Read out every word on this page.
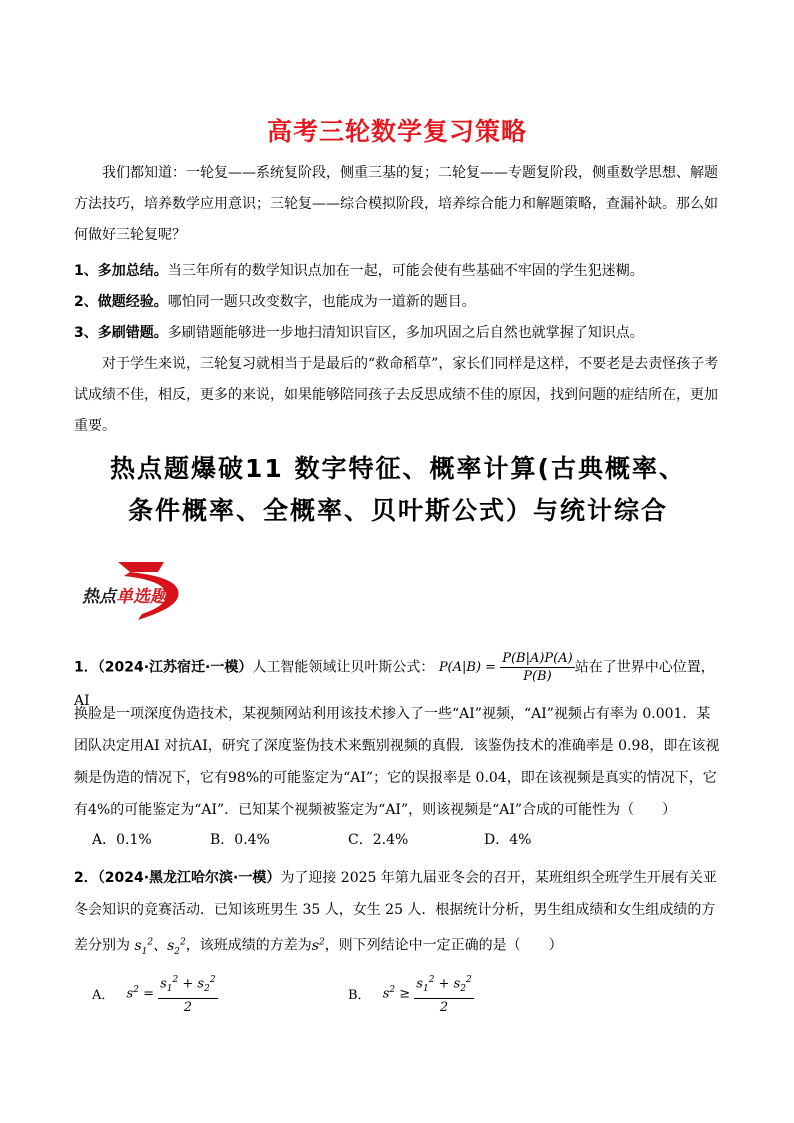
高考三轮数学复习策略

我们都知道：一轮复——系统复阶段，侧重三基的复；二轮复——专题复阶段，侧重数学思想、解题方法技巧，培养数学应用意识；三轮复——综合模拟阶段，培养综合能力和解题策略，查漏补缺。那么如何做好三轮复呢？

1、多加总结。当三年所有的数学知识点加在一起，可能会使有些基础不牢固的学生犯迷糊。

2、做题经验。哪怕同一题只改变数字，也能成为一道新的题目。

3、多刷错题。多刷错题能够进一步地扫清知识盲区，多加巩固之后自然也就掌握了知识点。

对于学生来说，三轮复习就相当于是最后的“救命稻草”，家长们同样是这样，不要老是去责怪孩子考试成绩不佳，相反，更多的来说，如果能够陪同孩子去反思成绩不佳的原因，找到问题的症结所在，更加重要。

热点题爆破11 数字特征、概率计算(古典概率、
条件概率、全概率、贝叶斯公式）与统计综合
热点单选题

1．（2024·江苏宿迁·一模）人工智能领域让贝叶斯公式： $P(A|B) = \frac{P(B|A)P(A)}{P(B)}$ 站在了世界中心位置，AI

换脸是一项深度伪造技术，某视频网站利用该技术掺入了一些“AI”视频，“AI”视频占有率为 0.001．某团队决定用AI 对抗AI，研究了深度鉴伪技术来甄别视频的真假．该鉴伪技术的准确率是 0.98，即在该视频是伪造的情况下，它有98%的可能鉴定为“AI”；它的误报率是 0.04，即在该视频是真实的情况下，它有4%的可能鉴定为“AI”．已知某个视频被鉴定为“AI”，则该视频是“AI”合成的可能性为（　　）

A．0.1%	B．0.4%	C．2.4%	D．4%

2．（2024·黑龙江哈尔滨·一模）为了迎接 2025 年第九届亚冬会的召开，某班组织全班学生开展有关亚冬会知识的竞赛活动．已知该班男生 35 人，女生 25 人．根据统计分析，男生组成绩和女生组成绩的方差分别为 $s_1^2$、$s_2^2$，该班成绩的方差为$s^2$，则下列结论中一定正确的是（　　）

A． $s^2 = \frac{s_1^2 + s_2^2}{2}$	B． $s^2 \ge \frac{s_1^2 + s_2^2}{2}$
